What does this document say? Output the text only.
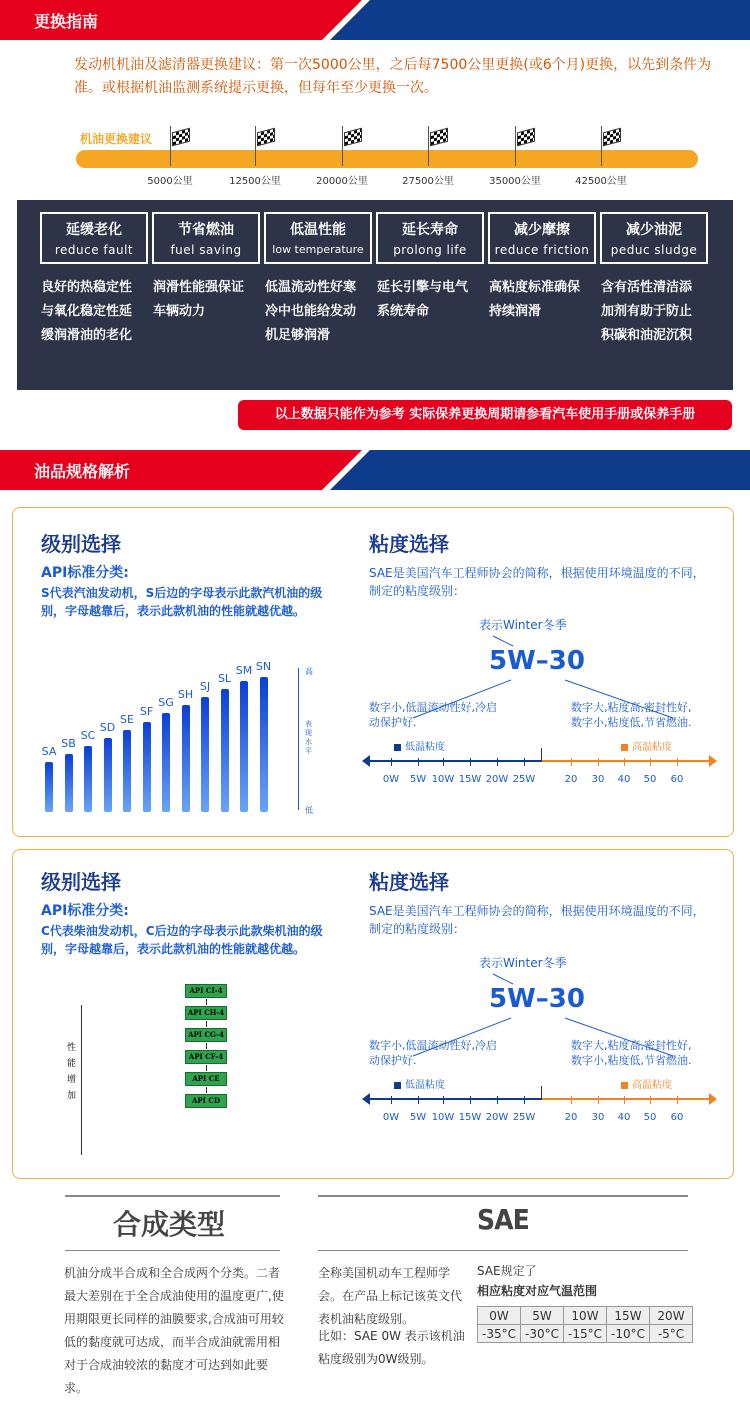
更换指南
发动机机油及滤清器更换建议：第一次5000公里，之后每7500公里更换(或6个月)更换，以先到条件为准。或根据机油监测系统提示更换，但每年至少更换一次。
机油更换建议
延缓老化
reduce fault
良好的热稳定性与氧化稳定性延缓润滑油的老化
节省燃油
fuel saving
润滑性能强保证车辆动力
低温性能
low temperature
低温流动性好寒冷中也能给发动机足够润滑
延长寿命
prolong life
延长引擎与电气系统寿命
减少摩擦
reduce friction
高粘度标准确保持续润滑
减少油泥
peduc sludge
含有活性清洁添加剂有助于防止积碳和油泥沉积
以上数据只能作为参考 实际保养更换周期请参看汽车使用手册或保养手册
油品规格解析
级别选择
API标准分类:
S代表汽油发动机，S后边的字母表示此款汽机油的级别，字母越靠后，表示此款机油的性能就越优越。
高
表现水平
低
SA
SB
SC
SD
SE
SF
SG
SH
SJ
SL
SM SN
粘度选择
SAE是美国汽车工程师协会的简称，根据使用环境温度的不同，制定的粘度级别：
表示Winter冬季
5W–30
数字小,低温流动性好,冷启动保护好.
数字大,粘度高,密封性好,
数字小,粘度低,节省燃油.
低温粘度	高温粘度
0W 5W 10W 15W 20W 25W	20 30 40 50 60
级别选择
API标准分类:
C代表柴油发动机，C后边的字母表示此款柴机油的级别，字母越靠后，表示此款机油的性能就越优越。
性
能
增
加
API CI-4
API CH-4
API CG-4
API CF-4
API CE
API CD
粘度选择
SAE是美国汽车工程师协会的简称，根据使用环境温度的不同，制定的粘度级别：
表示Winter冬季
5W–30
数字小,低温流动性好,冷启动保护好.
数字大,粘度高,密封性好,
数字小,粘度低,节省燃油.
低温粘度	高温粘度
0W 5W 10W 15W 20W 25W	20 30 40 50 60
合成类型
机油分成半合成和全合成两个分类。二者最大差别在于全合成油使用的温度更广,使用期限更长同样的油膜要求,合成油可用较低的黏度就可达成，而半合成油就需用相对于合成油较浓的黏度才可达到如此要求。
SAE
全称美国机动车工程师学会。在产品上标记该英文代表机油粘度级别。
比如：SAE 0W 表示该机油粘度级别为0W级别。
SAE规定了
相应粘度对应气温范围
0W	5W	10W	15W	20W
-35°C	-30°C	-15°C	-10°C	-5°C
5000公里	12500公里	20000公里	27500公里	35000公里	42500公里
